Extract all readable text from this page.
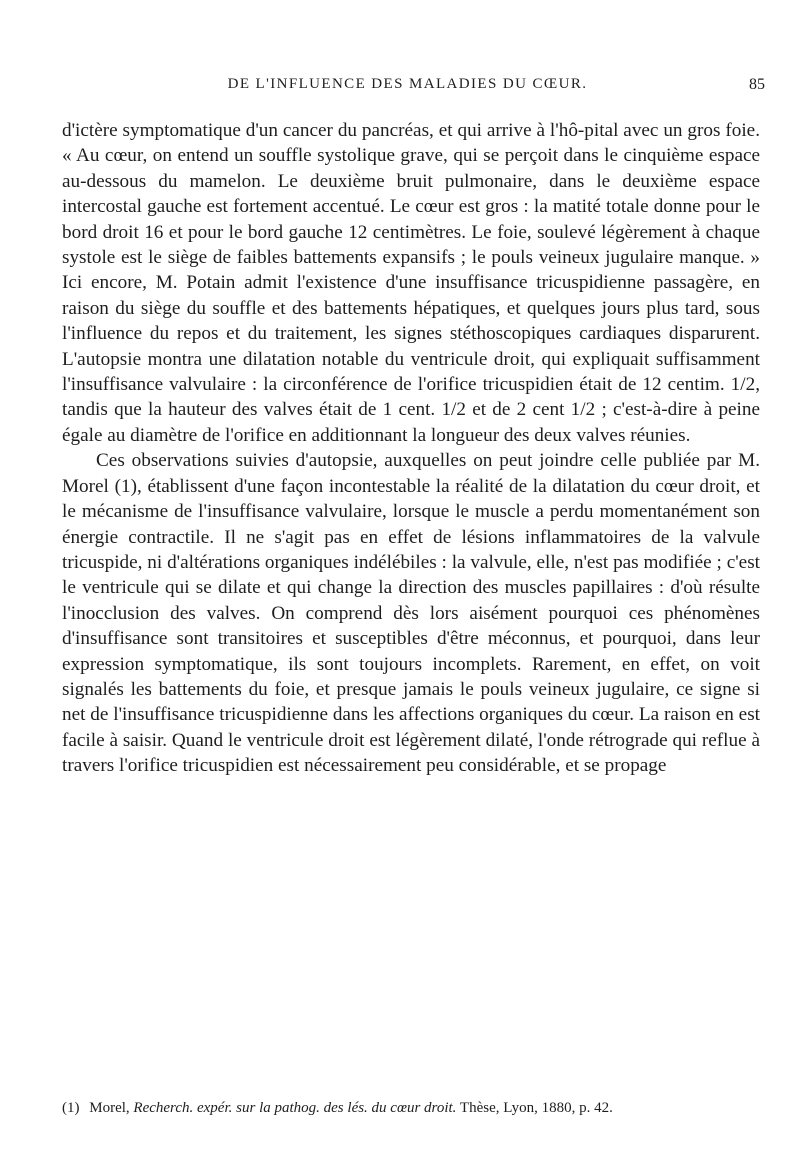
DE L'INFLUENCE DES MALADIES DU CŒUR.	85

d'ictère symptomatique d'un cancer du pancréas, et qui arrive à l'hô-pital avec un gros foie. « Au cœur, on entend un souffle systolique grave, qui se perçoit dans le cinquième espace au-dessous du mamelon. Le deuxième bruit pulmonaire, dans le deuxième espace intercostal gauche est fortement accentué. Le cœur est gros : la matité totale donne pour le bord droit 16 et pour le bord gauche 12 centimètres. Le foie, soulevé légèrement à chaque systole est le siège de faibles battements expansifs ; le pouls veineux jugulaire manque. » Ici encore, M. Potain admit l'existence d'une insuffisance tricuspidienne passagère, en raison du siège du souffle et des battements hépatiques, et quelques jours plus tard, sous l'influence du repos et du traitement, les signes stéthoscopiques cardiaques disparurent. L'autopsie montra une dilatation notable du ventricule droit, qui expliquait suffisamment l'insuffisance valvulaire : la circonférence de l'orifice tricuspidien était de 12 centim. 1/2, tandis que la hauteur des valves était de 1 cent. 1/2 et de 2 cent 1/2 ; c'est-à-dire à peine égale au diamètre de l'orifice en additionnant la longueur des deux valves réunies.

Ces observations suivies d'autopsie, auxquelles on peut joindre celle publiée par M. Morel (1), établissent d'une façon incontestable la réalité de la dilatation du cœur droit, et le mécanisme de l'insuffisance valvulaire, lorsque le muscle a perdu momentanément son énergie contractile. Il ne s'agit pas en effet de lésions inflammatoires de la valvule tricuspide, ni d'altérations organiques indélébiles : la valvule, elle, n'est pas modifiée ; c'est le ventricule qui se dilate et qui change la direction des muscles papillaires : d'où résulte l'inocclusion des valves. On comprend dès lors aisément pourquoi ces phénomènes d'insuffisance sont transitoires et susceptibles d'être méconnus, et pourquoi, dans leur expression symptomatique, ils sont toujours incomplets. Rarement, en effet, on voit signalés les battements du foie, et presque jamais le pouls veineux jugulaire, ce signe si net de l'insuffisance tricuspidienne dans les affections organiques du cœur. La raison en est facile à saisir. Quand le ventricule droit est légèrement dilaté, l'onde rétrograde qui reflue à travers l'orifice tricuspidien est nécessairement peu considérable, et se propage

(1) Morel, Recherch. expér. sur la pathog. des lés. du cœur droit. Thèse, Lyon, 1880, p. 42.
